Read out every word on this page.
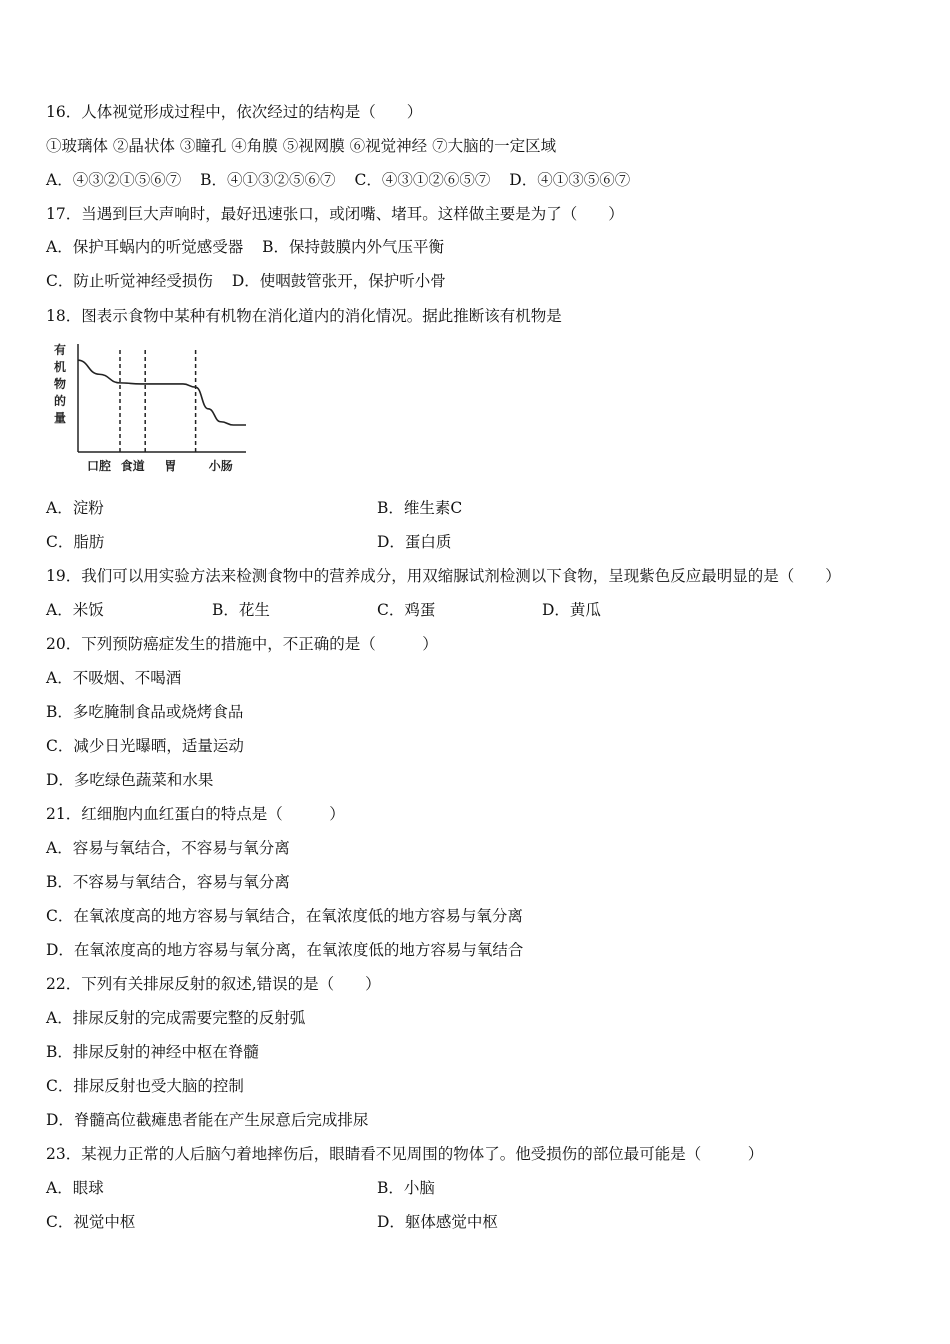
16．人体视觉形成过程中，依次经过的结构是（　　）
①玻璃体 ②晶状体 ③瞳孔 ④角膜 ⑤视网膜 ⑥视觉神经 ⑦大脑的一定区域
A．④③②①⑤⑥⑦ B．④①③②⑤⑥⑦ C．④③①②⑥⑤⑦ D．④①③⑤⑥⑦
17．当遇到巨大声响时，最好迅速张口，或闭嘴、堵耳。这样做主要是为了（　　）
A．保护耳蜗内的听觉感受器 B．保持鼓膜内外气压平衡
C．防止听觉神经受损伤 D．使咽鼓管张开，保护听小骨
18．图表示食物中某种有机物在消化道内的消化情况。据此推断该有机物是
有
机
物
的
量
口腔 食道 胃	小肠
A．淀粉	B．维生素C
C．脂肪	D．蛋白质
19．我们可以用实验方法来检测食物中的营养成分，用双缩脲试剂检测以下食物，呈现紫色反应最明显的是（　　）
A．米饭	B．花生	C．鸡蛋	D．黄瓜
20．下列预防癌症发生的措施中，不正确的是（　　　）
A．不吸烟、不喝酒
B．多吃腌制食品或烧烤食品
C．减少日光曝晒，适量运动
D．多吃绿色蔬菜和水果
21．红细胞内血红蛋白的特点是（　　　）
A．容易与氧结合，不容易与氧分离
B．不容易与氧结合，容易与氧分离
C．在氧浓度高的地方容易与氧结合，在氧浓度低的地方容易与氧分离
D．在氧浓度高的地方容易与氧分离，在氧浓度低的地方容易与氧结合
22．下列有关排尿反射的叙述,错误的是（　　）
A．排尿反射的完成需要完整的反射弧
B．排尿反射的神经中枢在脊髓
C．排尿反射也受大脑的控制
D．脊髓高位截瘫患者能在产生尿意后完成排尿
23．某视力正常的人后脑勺着地摔伤后，眼睛看不见周围的物体了。他受损伤的部位最可能是（　　　）
A．眼球	B．小脑
C．视觉中枢	D．躯体感觉中枢
